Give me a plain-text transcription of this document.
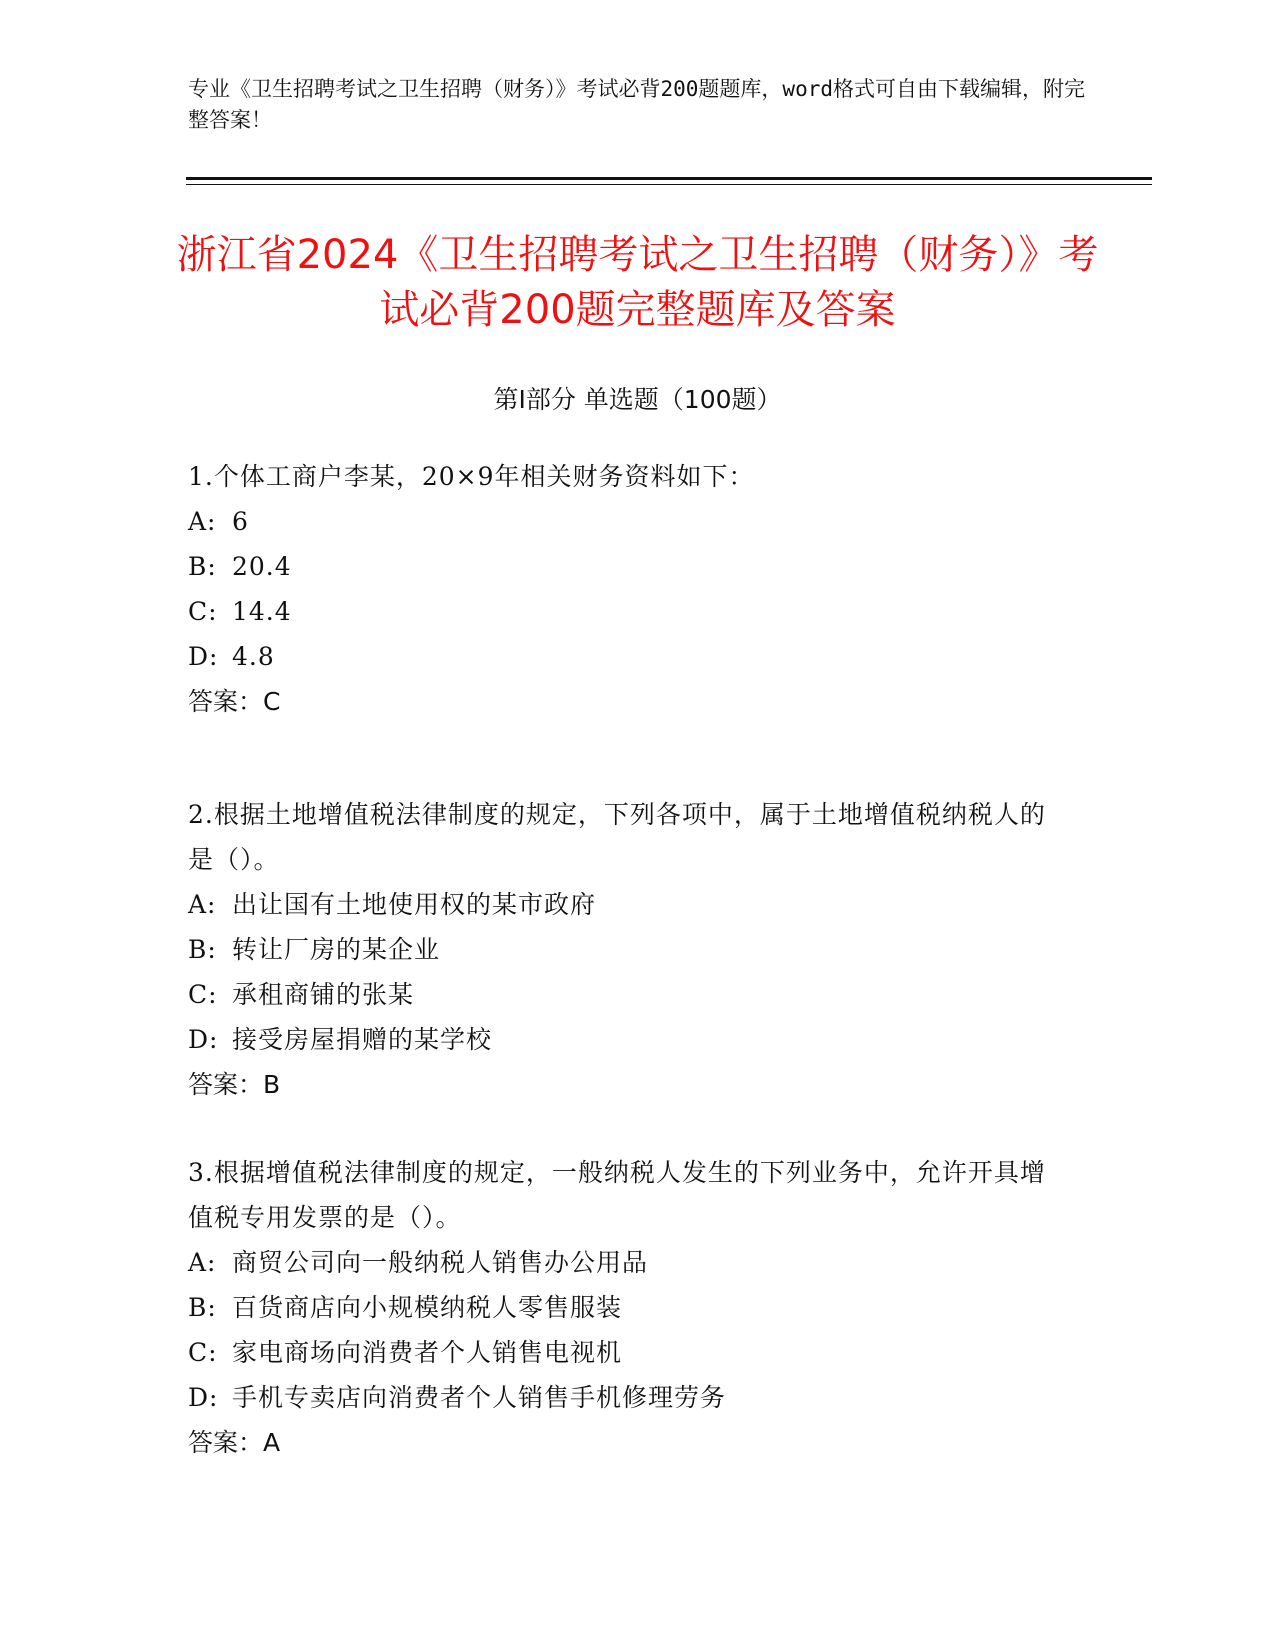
专业《卫生招聘考试之卫生招聘（财务）》考试必背200题题库，word格式可自由下载编辑，附完整答案！
浙江省2024《卫生招聘考试之卫生招聘（财务）》考试必背200题完整题库及答案
第Ⅰ部分 单选题（100题）
1.个体工商户李某，20×9年相关财务资料如下：
A: 6
B: 20.4
C: 14.4
D: 4.8
答案：C
2.根据土地增值税法律制度的规定，下列各项中，属于土地增值税纳税人的是（）。
A: 出让国有土地使用权的某市政府
B: 转让厂房的某企业
C: 承租商铺的张某
D: 接受房屋捐赠的某学校
答案：B
3.根据增值税法律制度的规定，一般纳税人发生的下列业务中，允许开具增值税专用发票的是（）。
A: 商贸公司向一般纳税人销售办公用品
B: 百货商店向小规模纳税人零售服装
C: 家电商场向消费者个人销售电视机
D: 手机专卖店向消费者个人销售手机修理劳务
答案：A
